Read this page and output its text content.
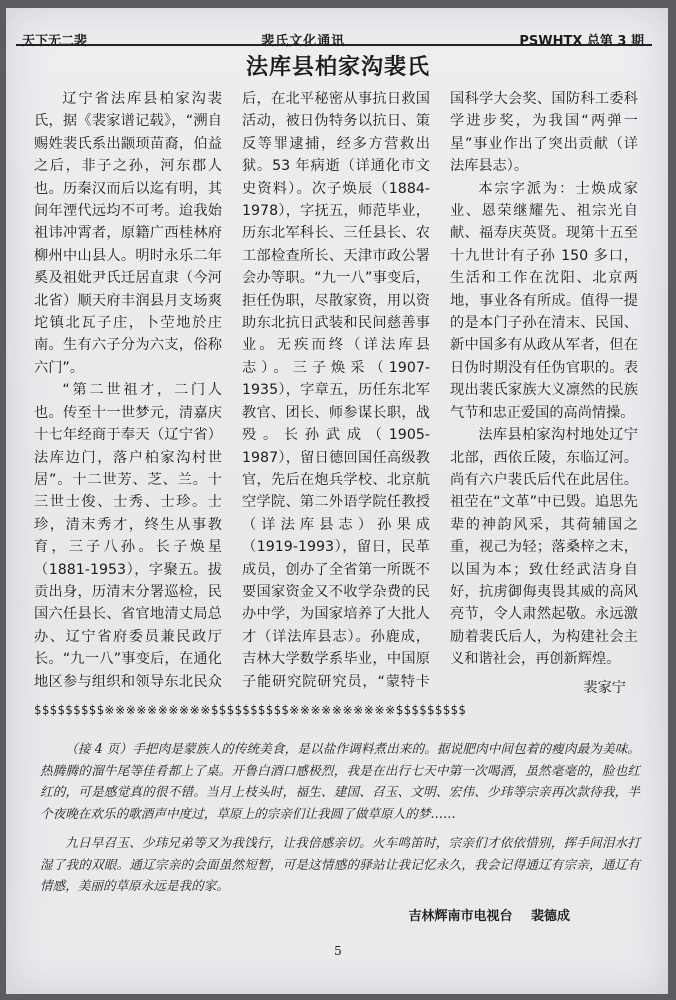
天下无二裴	裴氏文化通讯	PSWHTX 总第 3 期
法库县柏家沟裴氏

辽宁省法库县柏家沟裴氏，据《裴家谱记载》，“溯自赐姓裴氏系出颛顼苗裔，伯益之后，非子之孙，河东郡人也。历秦汉而后以迄有明，其间年湮代远均不可考。迨我始祖讳冲霄者，原籍广西桂林府柳州中山县人。明时永乐二年奚及祖妣尹氏迁居直隶（今河北省）顺天府丰润县月支场爽坨镇北瓦子庄，卜茔地於庄南。生有六子分为六支，俗称六门”。

“第二世祖才，二门人也。传至十一世梦元，清嘉庆十七年经商于奉天（辽宁省）法库边门，落户柏家沟村世居”。十二世芳、芝、兰。十三世士俊、士秀、士珍。士珍，清末秀才，终生从事教育，三子八孙。长子焕星（1881-1953），字聚五。拔贡出身，历清末分署巡检，民国六任县长、省官地清丈局总办、辽宁省府委员兼民政厅长。“九一八”事变后，在通化地区参与组织和领导东北民众

后，在北平秘密从事抗日救国活动，被日伪特务以抗日、策反等罪逮捕，经多方营救出狱。53 年病逝（详通化市文史资料）。次子焕辰（1884-1978），字抚五，师范毕业，历东北军科长、三任县长、农工部检查所长、天津市政公署会办等职。“九一八”事变后，拒任伪职，尽散家资，用以资助东北抗日武装和民间慈善事业。无疾而终（详法库县志）。三子焕采（1907-1935），字章五，历任东北军教官、团长、师参谋长职，战殁。长孙武成（1905-1987），留日德回国任高级教官，先后在炮兵学校、北京航空学院、第二外语学院任教授（详法库县志）孙果成（1919-1993），留日，民革成员，创办了全省第一所既不要国家资金又不收学杂费的民办中学，为国家培养了大批人才（详法库县志）。孙鹿成，吉林大学数学系毕业，中国原子能研究院研究员，“蒙特卡

国科学大会奖、国防科工委科学进步奖，为我国“两弹一星”事业作出了突出贡献（详法库县志）。

本宗字派为：士焕成家业、恩荣继耀先、祖宗光自献、福寿庆英贤。现第十五至十九世计有子孙 150 多口，生活和工作在沈阳、北京两地，事业各有所成。值得一提的是本门子孙在清末、民国、新中国多有从政从军者，但在日伪时期没有任伪官职的。表现出裴氏家族大义凛然的民族气节和忠正爱国的高尚情操。

法库县柏家沟村地处辽宁北部，西依丘陵，东临辽河。尚有六户裴氏后代在此居住。祖茔在“文革”中已毁。追思先辈的神韵风采，其荷辅国之重，视己为轻；落桑梓之末，以国为本；致仕经武洁身自好，抗虏御侮夷畏其威的高风亮节，令人肃然起敬。永远激励着裴氏后人，为构建社会主义和谐社会，再创新辉煌。

裴家宁
$$$$$$$$$※※※※※※※※※※$$$$$$$$$$※※※※※※※※※※$$$$$$$$$

（接 4 页）手把肉是蒙族人的传统美食，是以盐作调料煮出来的。据说肥肉中间包着的瘦肉最为美味。热腾腾的溜牛尾等佳肴都上了桌。开鲁白酒口感极烈，我是在出行七天中第一次喝酒，虽然毫毫的，脸也红红的，可是感觉真的很不错。当月上枝头时，福生、建国、召玉、文明、宏伟、少玮等宗亲再次款待我，半个夜晚在欢乐的歌酒声中度过，草原上的宗亲们让我圆了做草原人的梦……

九日早召玉、少玮兄弟等又为我饯行，让我倍感亲切。火车鸣笛时，宗亲们才依依惜别，挥手间泪水打湿了我的双眼。通辽宗亲的会面虽然短暂，可是这情感的驿站让我记忆永久，我会记得通辽有宗亲，通辽有情感，美丽的草原永远是我的家。

吉林辉南市电视台 裴德成
5
